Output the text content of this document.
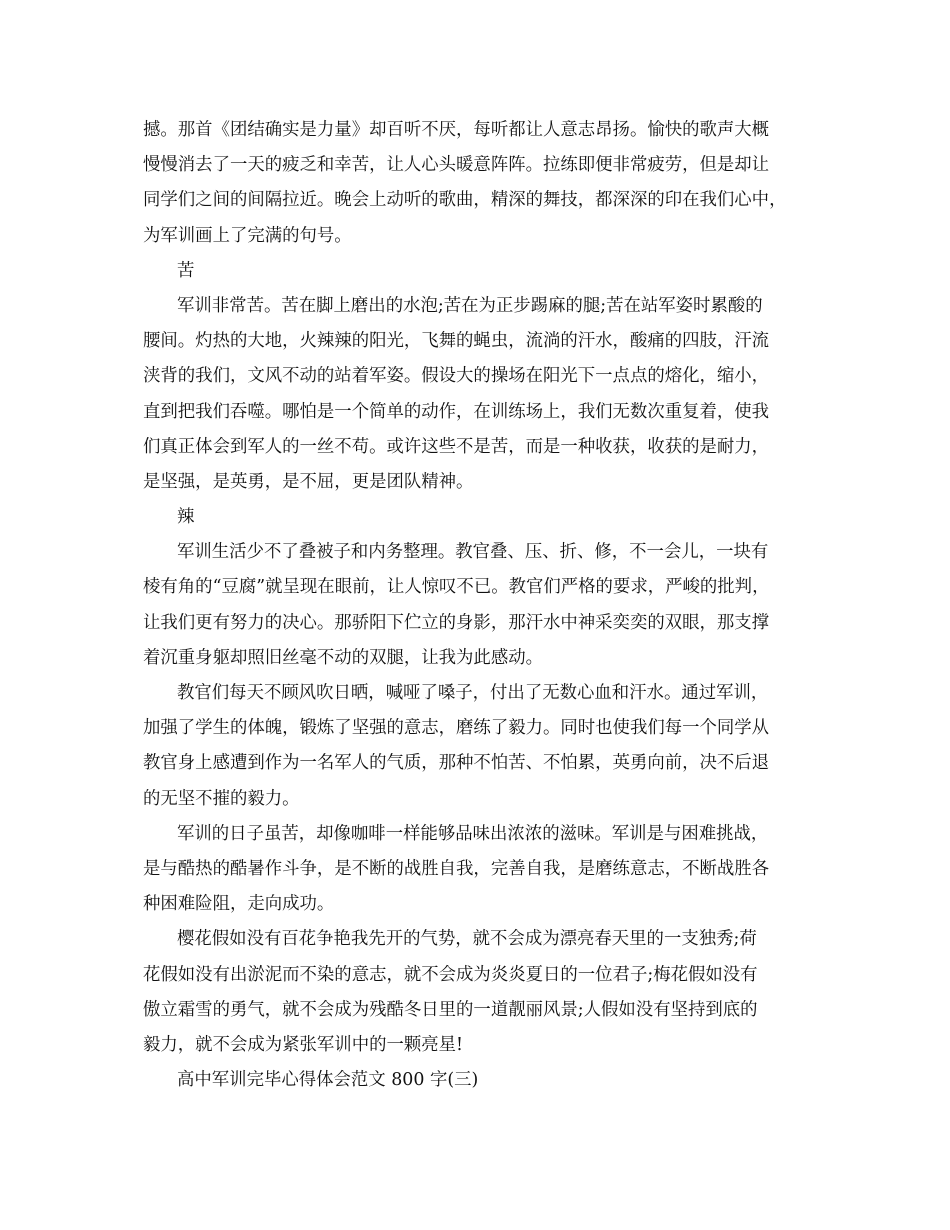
撼。那首《团结确实是力量》却百听不厌，每听都让人意志昂扬。愉快的歌声大概
慢慢消去了一天的疲乏和幸苦，让人心头暖意阵阵。拉练即便非常疲劳，但是却让
同学们之间的间隔拉近。晚会上动听的歌曲，精深的舞技，都深深的印在我们心中，
为军训画上了完满的句号。
苦
军训非常苦。苦在脚上磨出的水泡;苦在为正步踢麻的腿;苦在站军姿时累酸的
腰间。灼热的大地，火辣辣的阳光，飞舞的蝇虫，流淌的汗水，酸痛的四肢，汗流
浃背的我们，文风不动的站着军姿。假设大的操场在阳光下一点点的熔化，缩小，
直到把我们吞噬。哪怕是一个简单的动作，在训练场上，我们无数次重复着，使我
们真正体会到军人的一丝不苟。或许这些不是苦，而是一种收获，收获的是耐力，
是坚强，是英勇，是不屈，更是团队精神。
辣
军训生活少不了叠被子和内务整理。教官叠、压、折、修，不一会儿，一块有
棱有角的“豆腐”就呈现在眼前，让人惊叹不已。教官们严格的要求，严峻的批判，
让我们更有努力的决心。那骄阳下伫立的身影，那汗水中神采奕奕的双眼，那支撑
着沉重身躯却照旧丝毫不动的双腿，让我为此感动。
教官们每天不顾风吹日晒，喊哑了嗓子，付出了无数心血和汗水。通过军训，
加强了学生的体魄，锻炼了坚强的意志，磨练了毅力。同时也使我们每一个同学从
教官身上感遭到作为一名军人的气质，那种不怕苦、不怕累，英勇向前，决不后退
的无坚不摧的毅力。
军训的日子虽苦，却像咖啡一样能够品味出浓浓的滋味。军训是与困难挑战，
是与酷热的酷暑作斗争，是不断的战胜自我，完善自我，是磨练意志，不断战胜各
种困难险阻，走向成功。
樱花假如没有百花争艳我先开的气势，就不会成为漂亮春天里的一支独秀;荷
花假如没有出淤泥而不染的意志，就不会成为炎炎夏日的一位君子;梅花假如没有
傲立霜雪的勇气，就不会成为残酷冬日里的一道靓丽风景;人假如没有坚持到底的
毅力，就不会成为紧张军训中的一颗亮星!
高中军训完毕心得体会范文 800 字(三)
